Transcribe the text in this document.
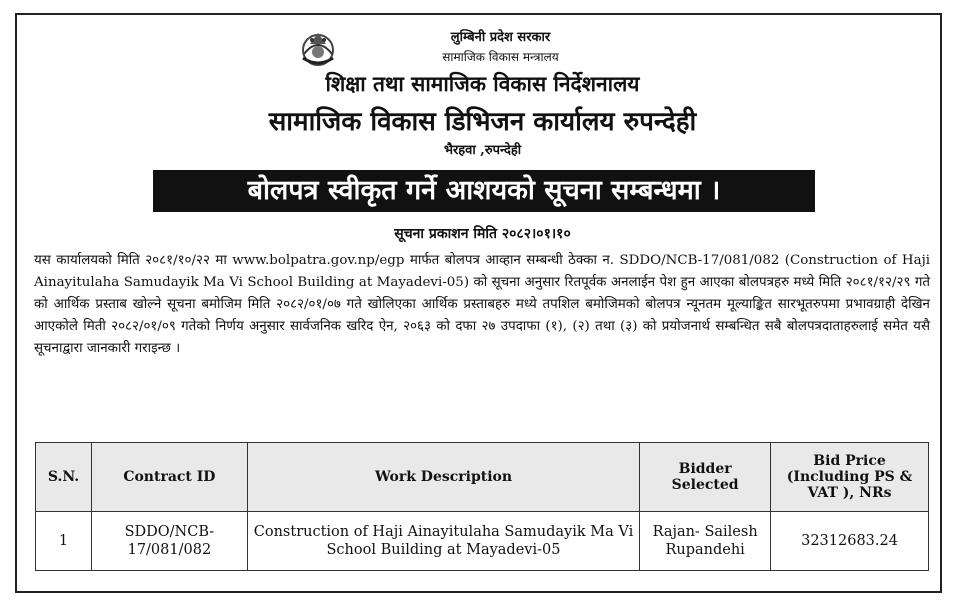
लुम्बिनी प्रदेश सरकार
सामाजिक विकास मन्त्रालय
शिक्षा तथा सामाजिक विकास निर्देशनालय
सामाजिक विकास डिभिजन कार्यालय रुपन्देही
भैरहवा ,रुपन्देही
बोलपत्र स्वीकृत गर्ने आशयको सूचना सम्बन्धमा ।
सूचना प्रकाशन मिति २०८२।०१।१०
यस कार्यालयको मिति २०८१/१०/२२ मा www.bolpatra.gov.np/egp मार्फत बोलपत्र आव्हान सम्बन्धी ठेक्का न. SDDO/NCB-17/081/082 (Construction of Haji Ainayitulaha Samudayik Ma Vi School Building at Mayadevi-05) को सूचना अनुसार रितपूर्वक अनलाईन पेश हुन आएका बोलपत्रहरु मध्ये मिति २०८१/१२/२९ गते को आर्थिक प्रस्ताब खोल्ने सूचना बमोजिम मिति २०८२/०१/०७ गते खोलिएका आर्थिक प्रस्ताबहरु मध्ये तपशिल बमोजिमको बोलपत्र न्यूनतम मूल्याङ्कित सारभूतरुपमा प्रभावग्राही देखिन आएकोले मिती २०८२/०१/०९ गतेको निर्णय अनुसार सार्वजनिक खरिद ऐन, २०६३ को दफा २७ उपदाफा (१), (२) तथा (३) को प्रयोजनार्थ सम्बन्धित सबै बोलपत्रदाताहरुलाई समेत यसै सूचनाद्वारा जानकारी गराइन्छ ।
S.N.	Contract ID	Work Description	Bidder Selected	Bid Price (Including PS & VAT ), NRs
1	SDDO/NCB-17/081/082	Construction of Haji Ainayitulaha Samudayik Ma Vi School Building at Mayadevi-05	Rajan- Sailesh Rupandehi	32312683.24
